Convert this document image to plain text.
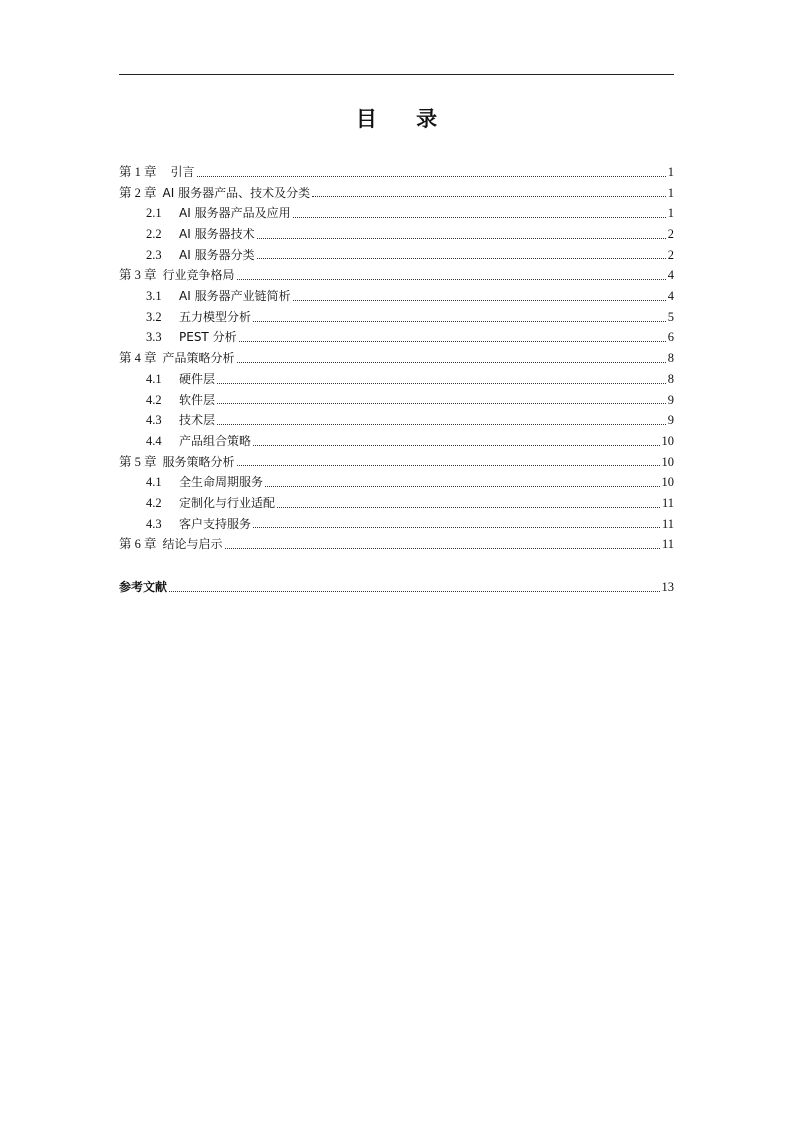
目 录
第 1 章 引言	1
第 2 章 AI 服务器产品、技术及分类	1
2.1	AI 服务器产品及应用	1
2.2	AI 服务器技术	2
2.3	AI 服务器分类	2
第 3 章 行业竞争格局	4
3.1	AI 服务器产业链简析	4
3.2	五力模型分析	5
3.3	PEST 分析	6
第 4 章 产品策略分析	8
4.1	硬件层	8
4.2	软件层	9
4.3	技术层	9
4.4	产品组合策略	10
第 5 章 服务策略分析	10
4.1	全生命周期服务	10
4.2	定制化与行业适配	11
4.3	客户支持服务	11
第 6 章 结论与启示	11
参考文献	13
